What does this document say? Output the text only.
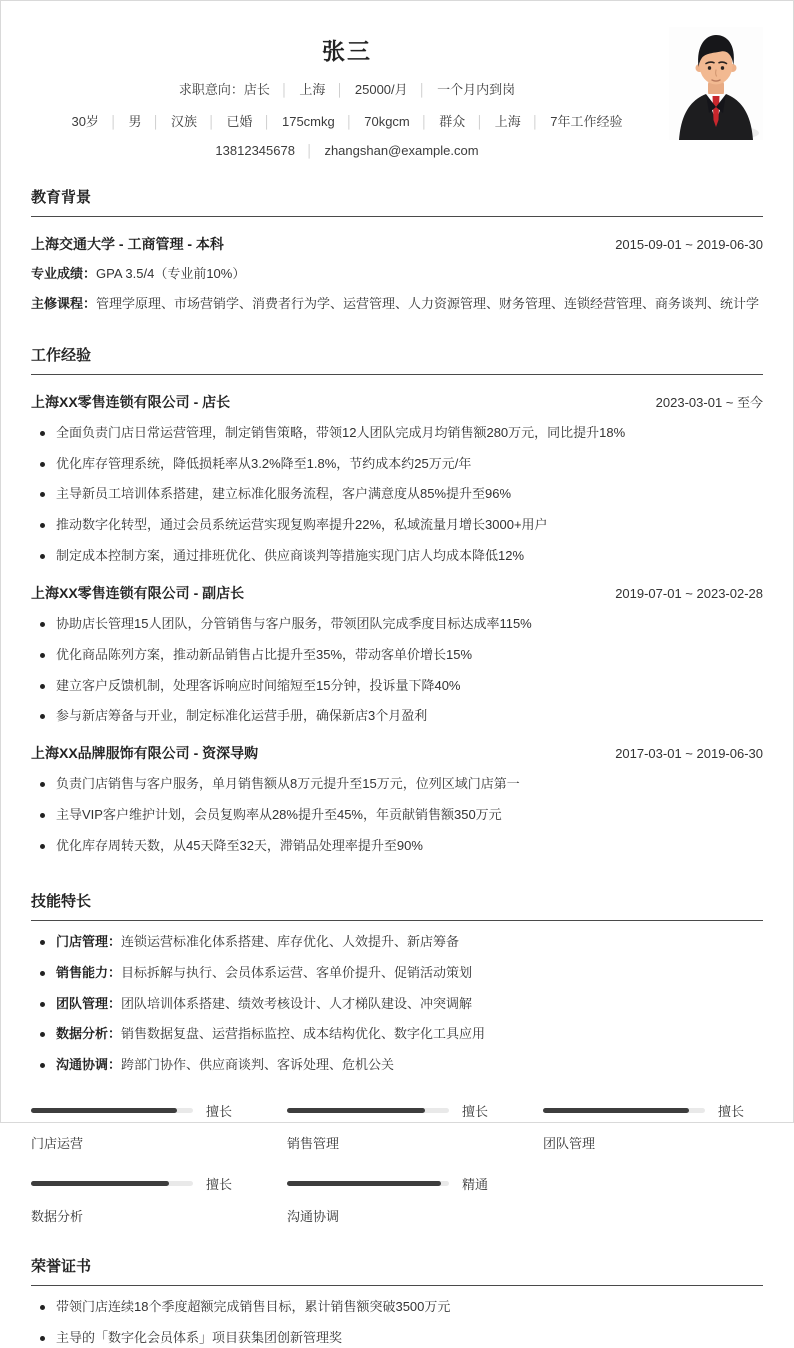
张三
求职意向：店长 │ 上海 │ 25000/月 │ 一个月内到岗
30岁 │ 男 │ 汉族 │ 已婚 │ 175cmkg │ 70kgcm │ 群众 │ 上海 │ 7年工作经验
13812345678 │ zhangshan@example.com
教育背景
上海交通大学 - 工商管理 - 本科	2015-09-01 ~ 2019-06-30
专业成绩：GPA 3.5/4（专业前10%）
主修课程：管理学原理、市场营销学、消费者行为学、运营管理、人力资源管理、财务管理、连锁经营管理、商务谈判、统计学
工作经验
上海XX零售连锁有限公司 - 店长	2023-03-01 ~ 至今
全面负责门店日常运营管理，制定销售策略，带领12人团队完成月均销售额280万元，同比提升18%
优化库存管理系统，降低损耗率从3.2%降至1.8%，节约成本约25万元/年
主导新员工培训体系搭建，建立标准化服务流程，客户满意度从85%提升至96%
推动数字化转型，通过会员系统运营实现复购率提升22%，私域流量月增长3000+用户
制定成本控制方案，通过排班优化、供应商谈判等措施实现门店人均成本降低12%
上海XX零售连锁有限公司 - 副店长	2019-07-01 ~ 2023-02-28
协助店长管理15人团队，分管销售与客户服务，带领团队完成季度目标达成率115%
优化商品陈列方案，推动新品销售占比提升至35%，带动客单价增长15%
建立客户反馈机制，处理客诉响应时间缩短至15分钟，投诉量下降40%
参与新店筹备与开业，制定标准化运营手册，确保新店3个月盈利
上海XX品牌服饰有限公司 - 资深导购	2017-03-01 ~ 2019-06-30
负责门店销售与客户服务，单月销售额从8万元提升至15万元，位列区域门店第一
主导VIP客户维护计划，会员复购率从28%提升至45%，年贡献销售额350万元
优化库存周转天数，从45天降至32天，滞销品处理率提升至90%
技能特长
门店管理：连锁运营标准化体系搭建、库存优化、人效提升、新店筹备
销售能力：目标拆解与执行、会员体系运营、客单价提升、促销活动策划
团队管理：团队培训体系搭建、绩效考核设计、人才梯队建设、冲突调解
数据分析：销售数据复盘、运营指标监控、成本结构优化、数字化工具应用
沟通协调：跨部门协作、供应商谈判、客诉处理、危机公关
擅长
门店运营
擅长
销售管理
擅长
团队管理
擅长
数据分析
精通
沟通协调
荣誉证书
带领门店连续18个季度超额完成销售目标，累计销售额突破3500万元
主导的「数字化会员体系」项目获集团创新管理奖
